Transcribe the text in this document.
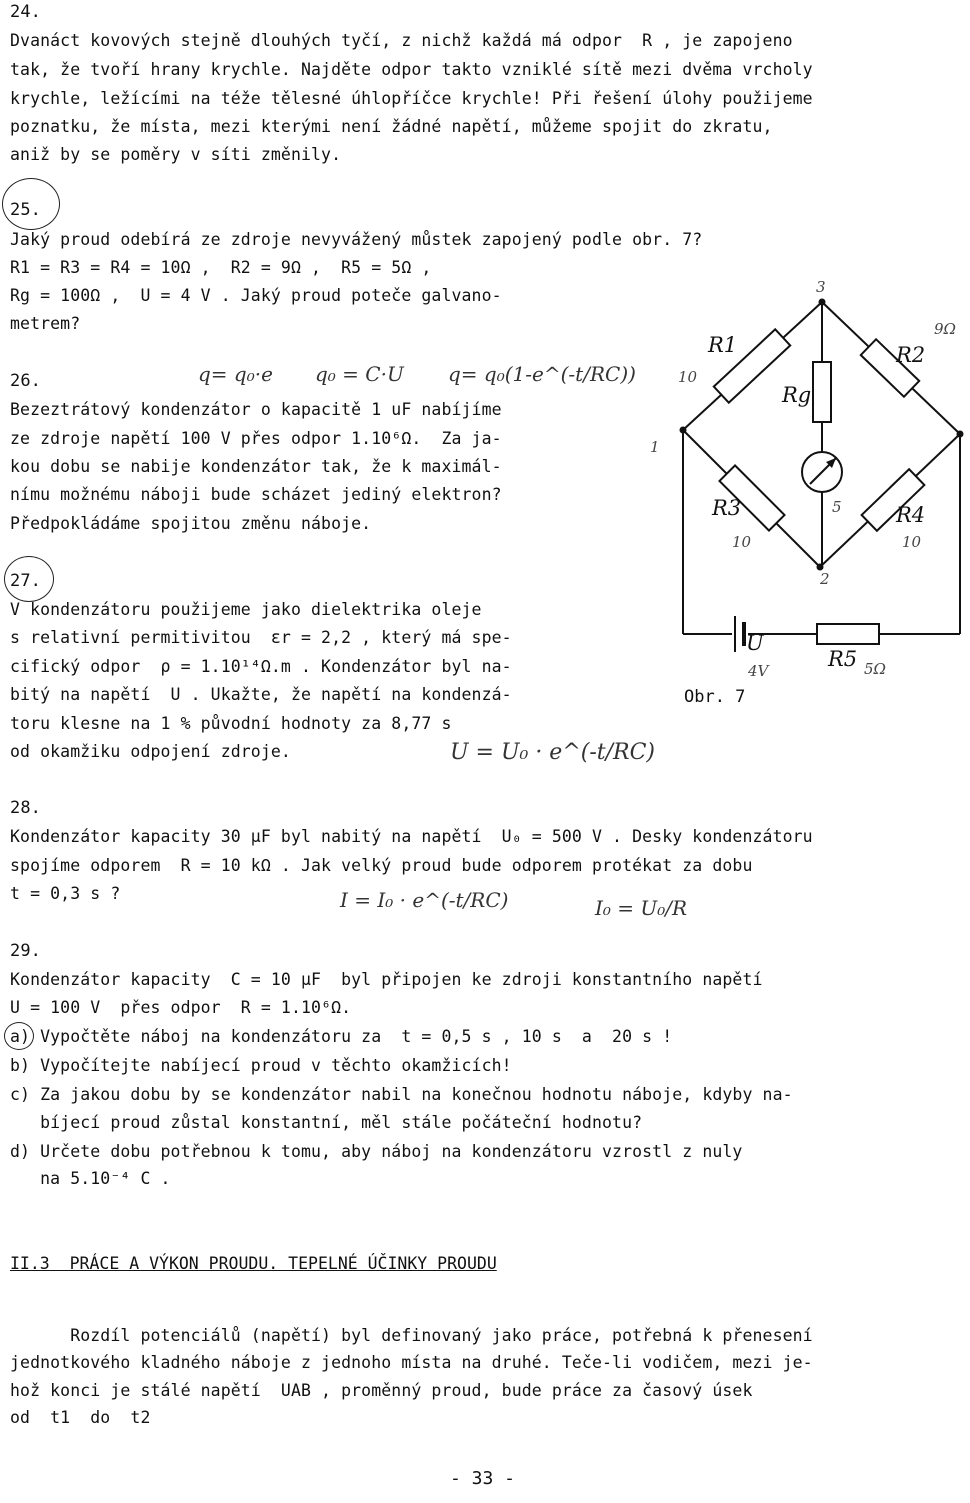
24.
Dvanáct kovových stejně dlouhých tyčí, z nichž každá má odpor  R , je zapojeno
tak, že tvoří hrany krychle. Najděte odpor takto vzniklé sítě mezi dvěma vrcholy
krychle, ležícími na téže tělesné úhlopříčce krychle! Při řešení úlohy použijeme
poznatku, že místa, mezi kterými není žádné napětí, můžeme spojit do zkratu,
aniž by se poměry v síti změnily.
25.
Jaký proud odebírá ze zdroje nevyvážený můstek zapojený podle obr. 7?
R1 = R3 = R4 = 10Ω ,  R2 = 9Ω ,  R5 = 5Ω ,
Rg = 100Ω ,  U = 4 V . Jaký proud poteče galvano-
metrem?
26.	q= q₀·e q₀ = C·U q= q₀(1-e^(-t/RC))
Bezeztrátový kondenzátor o kapacitě 1 uF nabíjíme
ze zdroje napětí 100 V přes odpor 1.10⁶Ω.  Za ja-
kou dobu se nabije kondenzátor tak, že k maximál-
nímu možnému náboji bude scházet jediný elektron?
Předpokládáme spojitou změnu náboje.
27.
V kondenzátoru použijeme jako dielektrika oleje
s relativní permitivitou  εr = 2,2 , který má spe-
cifický odpor  ρ = 1.10¹⁴Ω.m . Kondenzátor byl na-
bitý na napětí  U . Ukažte, že napětí na kondenzá-
toru klesne na 1 % původní hodnoty za 8,77 s
od okamžiku odpojení zdroje.	U = U₀ · e^(-t/RC)
R1	R2
Rg
R3	R4
R5
U
3
1
2
10
9Ω
10	10
5Ω
4V
5
Obr. 7
28.
Kondenzátor kapacity 30 μF byl nabitý na napětí  U₀ = 500 V . Desky kondenzátoru
spojíme odporem  R = 10 kΩ . Jak velký proud bude odporem protékat za dobu
t = 0,3 s ?	I = I₀ · e^(-t/RC)	I₀ = U₀/R
29.
Kondenzátor kapacity  C = 10 μF  byl připojen ke zdroji konstantního napětí
U = 100 V  přes odpor  R = 1.10⁶Ω.
a) Vypočtěte náboj na kondenzátoru za  t = 0,5 s , 10 s  a  20 s !
b) Vypočítejte nabíjecí proud v těchto okamžicích!
c) Za jakou dobu by se kondenzátor nabil na konečnou hodnotu náboje, kdyby na-
bíjecí proud zůstal konstantní, měl stále počáteční hodnotu?
d) Určete dobu potřebnou k tomu, aby náboj na kondenzátoru vzrostl z nuly
na 5.10⁻⁴ C .
II.3  PRÁCE A VÝKON PROUDU. TEPELNÉ ÚČINKY PROUDU
Rozdíl potenciálů (napětí) byl definovaný jako práce, potřebná k přenesení
jednotkového kladného náboje z jednoho místa na druhé. Teče-li vodičem, mezi je-
hož konci je stálé napětí  UAB , proměnný proud, bude práce za časový úsek
od  t1  do  t2
- 33 -
